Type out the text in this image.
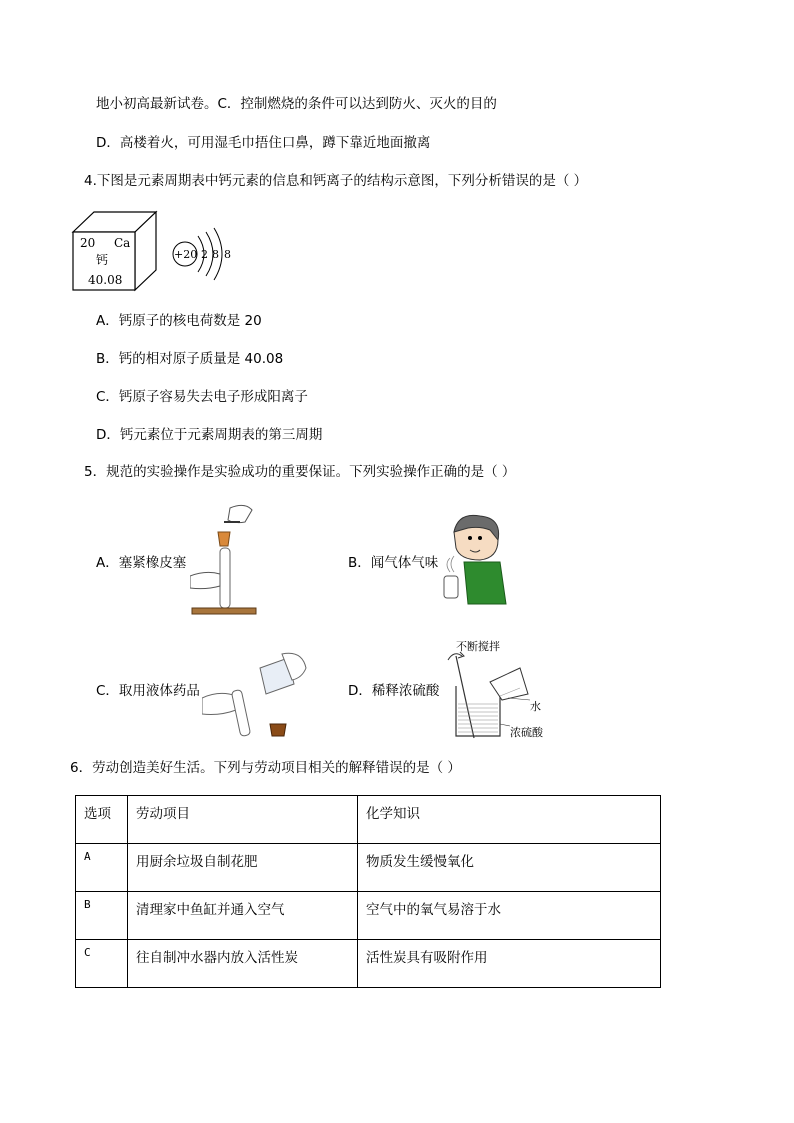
地小初高最新试卷。C．控制燃烧的条件可以达到防火、灭火的目的
D．高楼着火，可用湿毛巾捂住口鼻，蹲下靠近地面撤离
4.下图是元素周期表中钙元素的信息和钙离子的结构示意图，下列分析错误的是（ ）
20 Ca
钙
40.08
+20 2 8 8
A．钙原子的核电荷数是 20
B．钙的相对原子质量是 40.08
C．钙原子容易失去电子形成阳离子
D．钙元素位于元素周期表的第三周期
5．规范的实验操作是实验成功的重要保证。下列实验操作正确的是（ ）
A．塞紧橡皮塞	B．闻气体气味
C．取用液体药品	D．稀释浓硫酸
不断搅拌
水
浓硫酸
6．劳动创造美好生活。下列与劳动项目相关的解释错误的是（ ）
选项	劳动项目	化学知识
A	用厨余垃圾自制花肥	物质发生缓慢氧化
B	清理家中鱼缸并通入空气	空气中的氧气易溶于水
C	往自制冲水器内放入活性炭	活性炭具有吸附作用
